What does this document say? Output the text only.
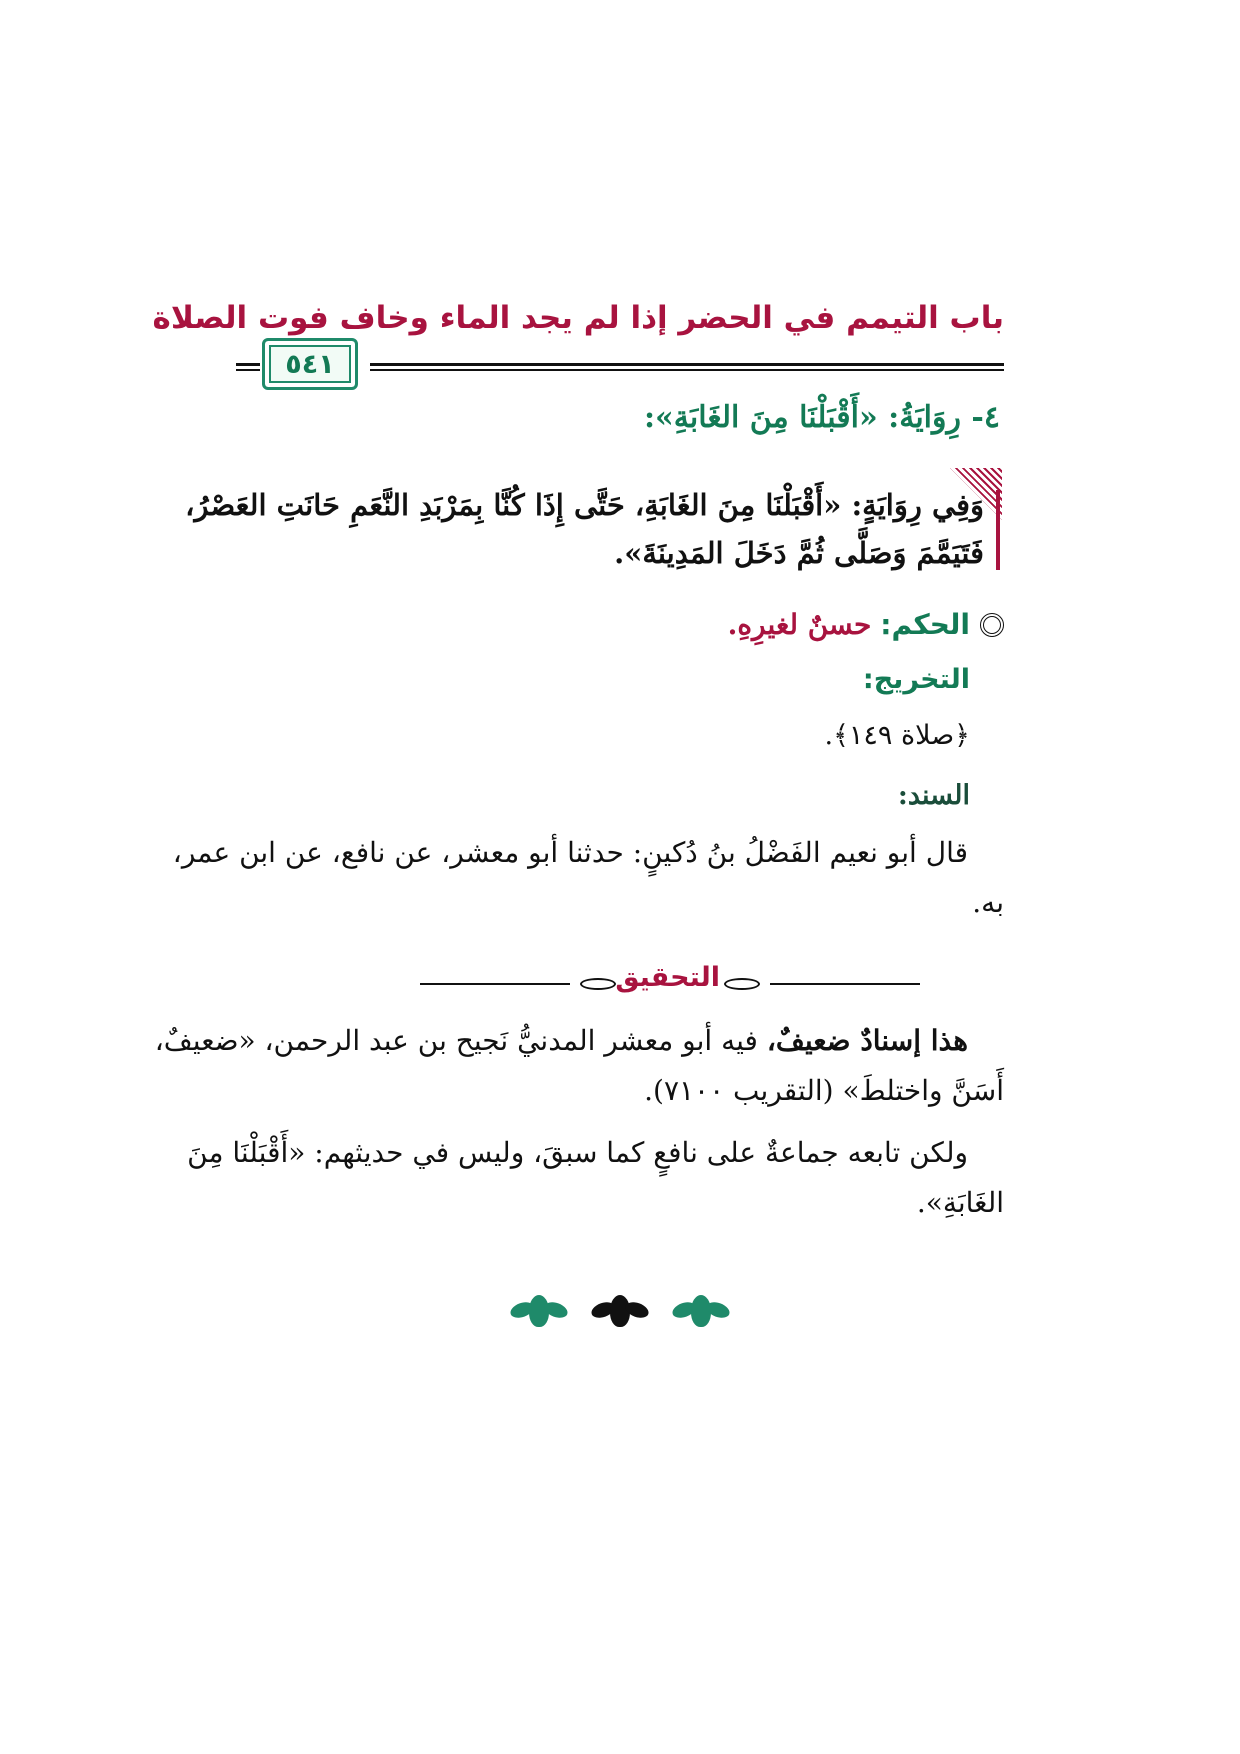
باب التيمم في الحضر إذا لم يجد الماء وخاف فوت الصلاة
٥٤١
٤- رِوَايَةُ: «أَقْبَلْنَا مِنَ الغَابَةِ»:
وَفِي رِوَايَةٍ: «أَقْبَلْنَا مِنَ الغَابَةِ، حَتَّى إِذَا كُنَّا بِمَرْبَدِ النَّعَمِ حَانَتِ العَصْرُ،
فَتَيَمَّمَ وَصَلَّى ثُمَّ دَخَلَ المَدِينَةَ».
الحكم: حسنٌ لغيرِهِ.
التخريج:
﴿صلاة ١٤٩﴾.
السند:
قال أبو نعيم الفَضْلُ بنُ دُكينٍ: حدثنا أبو معشر، عن نافع، عن ابن عمر،
به.
التحقيق
هذا إسنادٌ ضعيفٌ، فيه أبو معشر المدنيُّ نَجيح بن عبد الرحمن، «ضعيفٌ،
أَسَنَّ واختلطَ» (التقريب ٧١٠٠).
ولكن تابعه جماعةٌ على نافعٍ كما سبقَ، وليس في حديثهم: «أَقْبَلْنَا مِنَ
الغَابَةِ».
